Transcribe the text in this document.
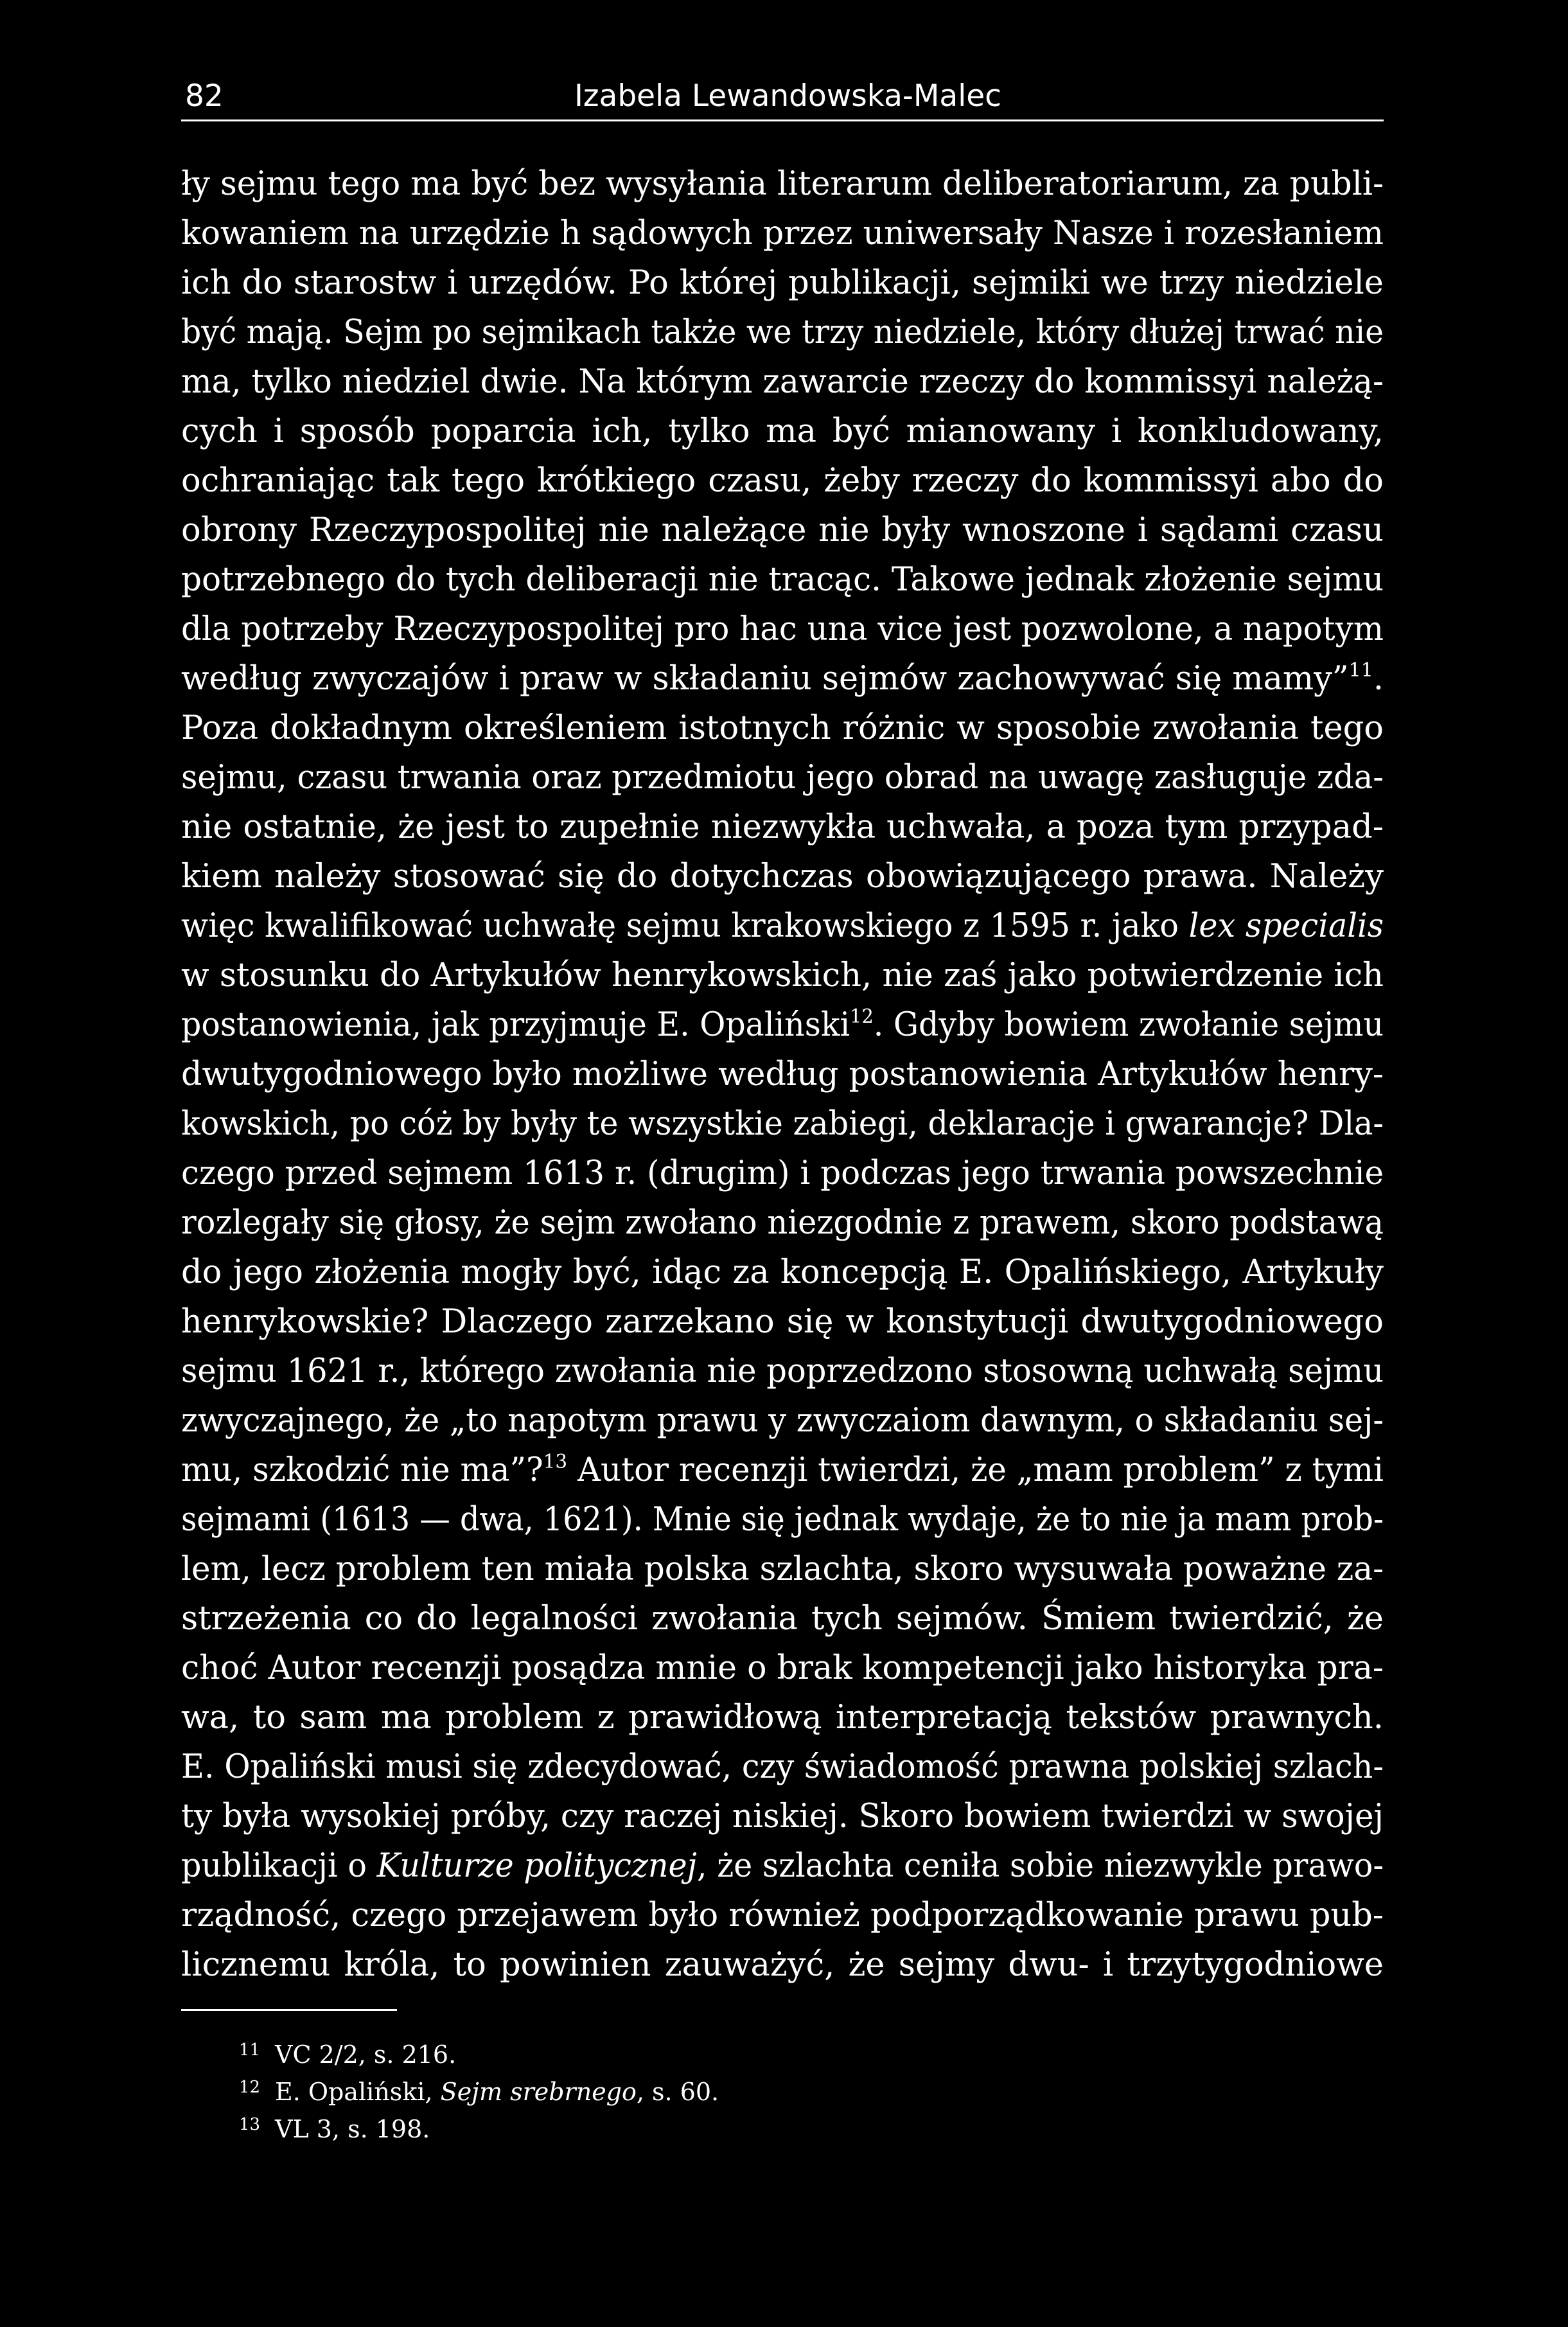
82	Izabela Lewandowska-Malec
ły sejmu tego ma być bez wysyłania literarum deliberatoriarum, za publi-
kowaniem na urzędzie h sądowych przez uniwersały Nasze i rozesłaniem
ich do starostw i urzędów. Po której publikacji, sejmiki we trzy niedziele
być mają. Sejm po sejmikach także we trzy niedziele, który dłużej trwać nie
ma, tylko niedziel dwie. Na którym zawarcie rzeczy do kommissyi należą-
cych i sposób poparcia ich, tylko ma być mianowany i konkludowany,
ochraniając tak tego krótkiego czasu, żeby rzeczy do kommissyi abo do
obrony Rzeczypospolitej nie należące nie były wnoszone i sądami czasu
potrzebnego do tych deliberacji nie tracąc. Takowe jednak złożenie sejmu
dla potrzeby Rzeczypospolitej pro hac una vice jest pozwolone, a napotym
według zwyczajów i praw w składaniu sejmów zachowywać się mamy”$^{11}$.
Poza dokładnym określeniem istotnych różnic w sposobie zwołania tego
sejmu, czasu trwania oraz przedmiotu jego obrad na uwagę zasługuje zda-
nie ostatnie, że jest to zupełnie niezwykła uchwała, a poza tym przypad-
kiem należy stosować się do dotychczas obowiązującego prawa. Należy
więc kwalifikować uchwałę sejmu krakowskiego z 1595 r. jako lex specialis
w stosunku do Artykułów henrykowskich, nie zaś jako potwierdzenie ich
postanowienia, jak przyjmuje E. Opaliński$^{12}$. Gdyby bowiem zwołanie sejmu
dwutygodniowego było możliwe według postanowienia Artykułów henry-
kowskich, po cóż by były te wszystkie zabiegi, deklaracje i gwarancje? Dla-
czego przed sejmem 1613 r. (drugim) i podczas jego trwania powszechnie
rozlegały się głosy, że sejm zwołano niezgodnie z prawem, skoro podstawą
do jego złożenia mogły być, idąc za koncepcją E. Opalińskiego, Artykuły
henrykowskie? Dlaczego zarzekano się w konstytucji dwutygodniowego
sejmu 1621 r., którego zwołania nie poprzedzono stosowną uchwałą sejmu
zwyczajnego, że „to napotym prawu y zwyczaiom dawnym, o składaniu sej-
mu, szkodzić nie ma”?$^{13}$ Autor recenzji twierdzi, że „mam problem” z tymi
sejmami (1613 — dwa, 1621). Mnie się jednak wydaje, że to nie ja mam prob-
lem, lecz problem ten miała polska szlachta, skoro wysuwała poważne za-
strzeżenia co do legalności zwołania tych sejmów. Śmiem twierdzić, że
choć Autor recenzji posądza mnie o brak kompetencji jako historyka pra-
wa, to sam ma problem z prawidłową interpretacją tekstów prawnych.
E. Opaliński musi się zdecydować, czy świadomość prawna polskiej szlach-
ty była wysokiej próby, czy raczej niskiej. Skoro bowiem twierdzi w swojej
publikacji o Kulturze politycznej, że szlachta ceniła sobie niezwykle prawo-
rządność, czego przejawem było również podporządkowanie prawu pub-
licznemu króla, to powinien zauważyć, że sejmy dwu- i trzytygodniowe
11 VC 2/2, s. 216.
12 E. Opaliński, Sejm srebrnego, s. 60.
13 VL 3, s. 198.
